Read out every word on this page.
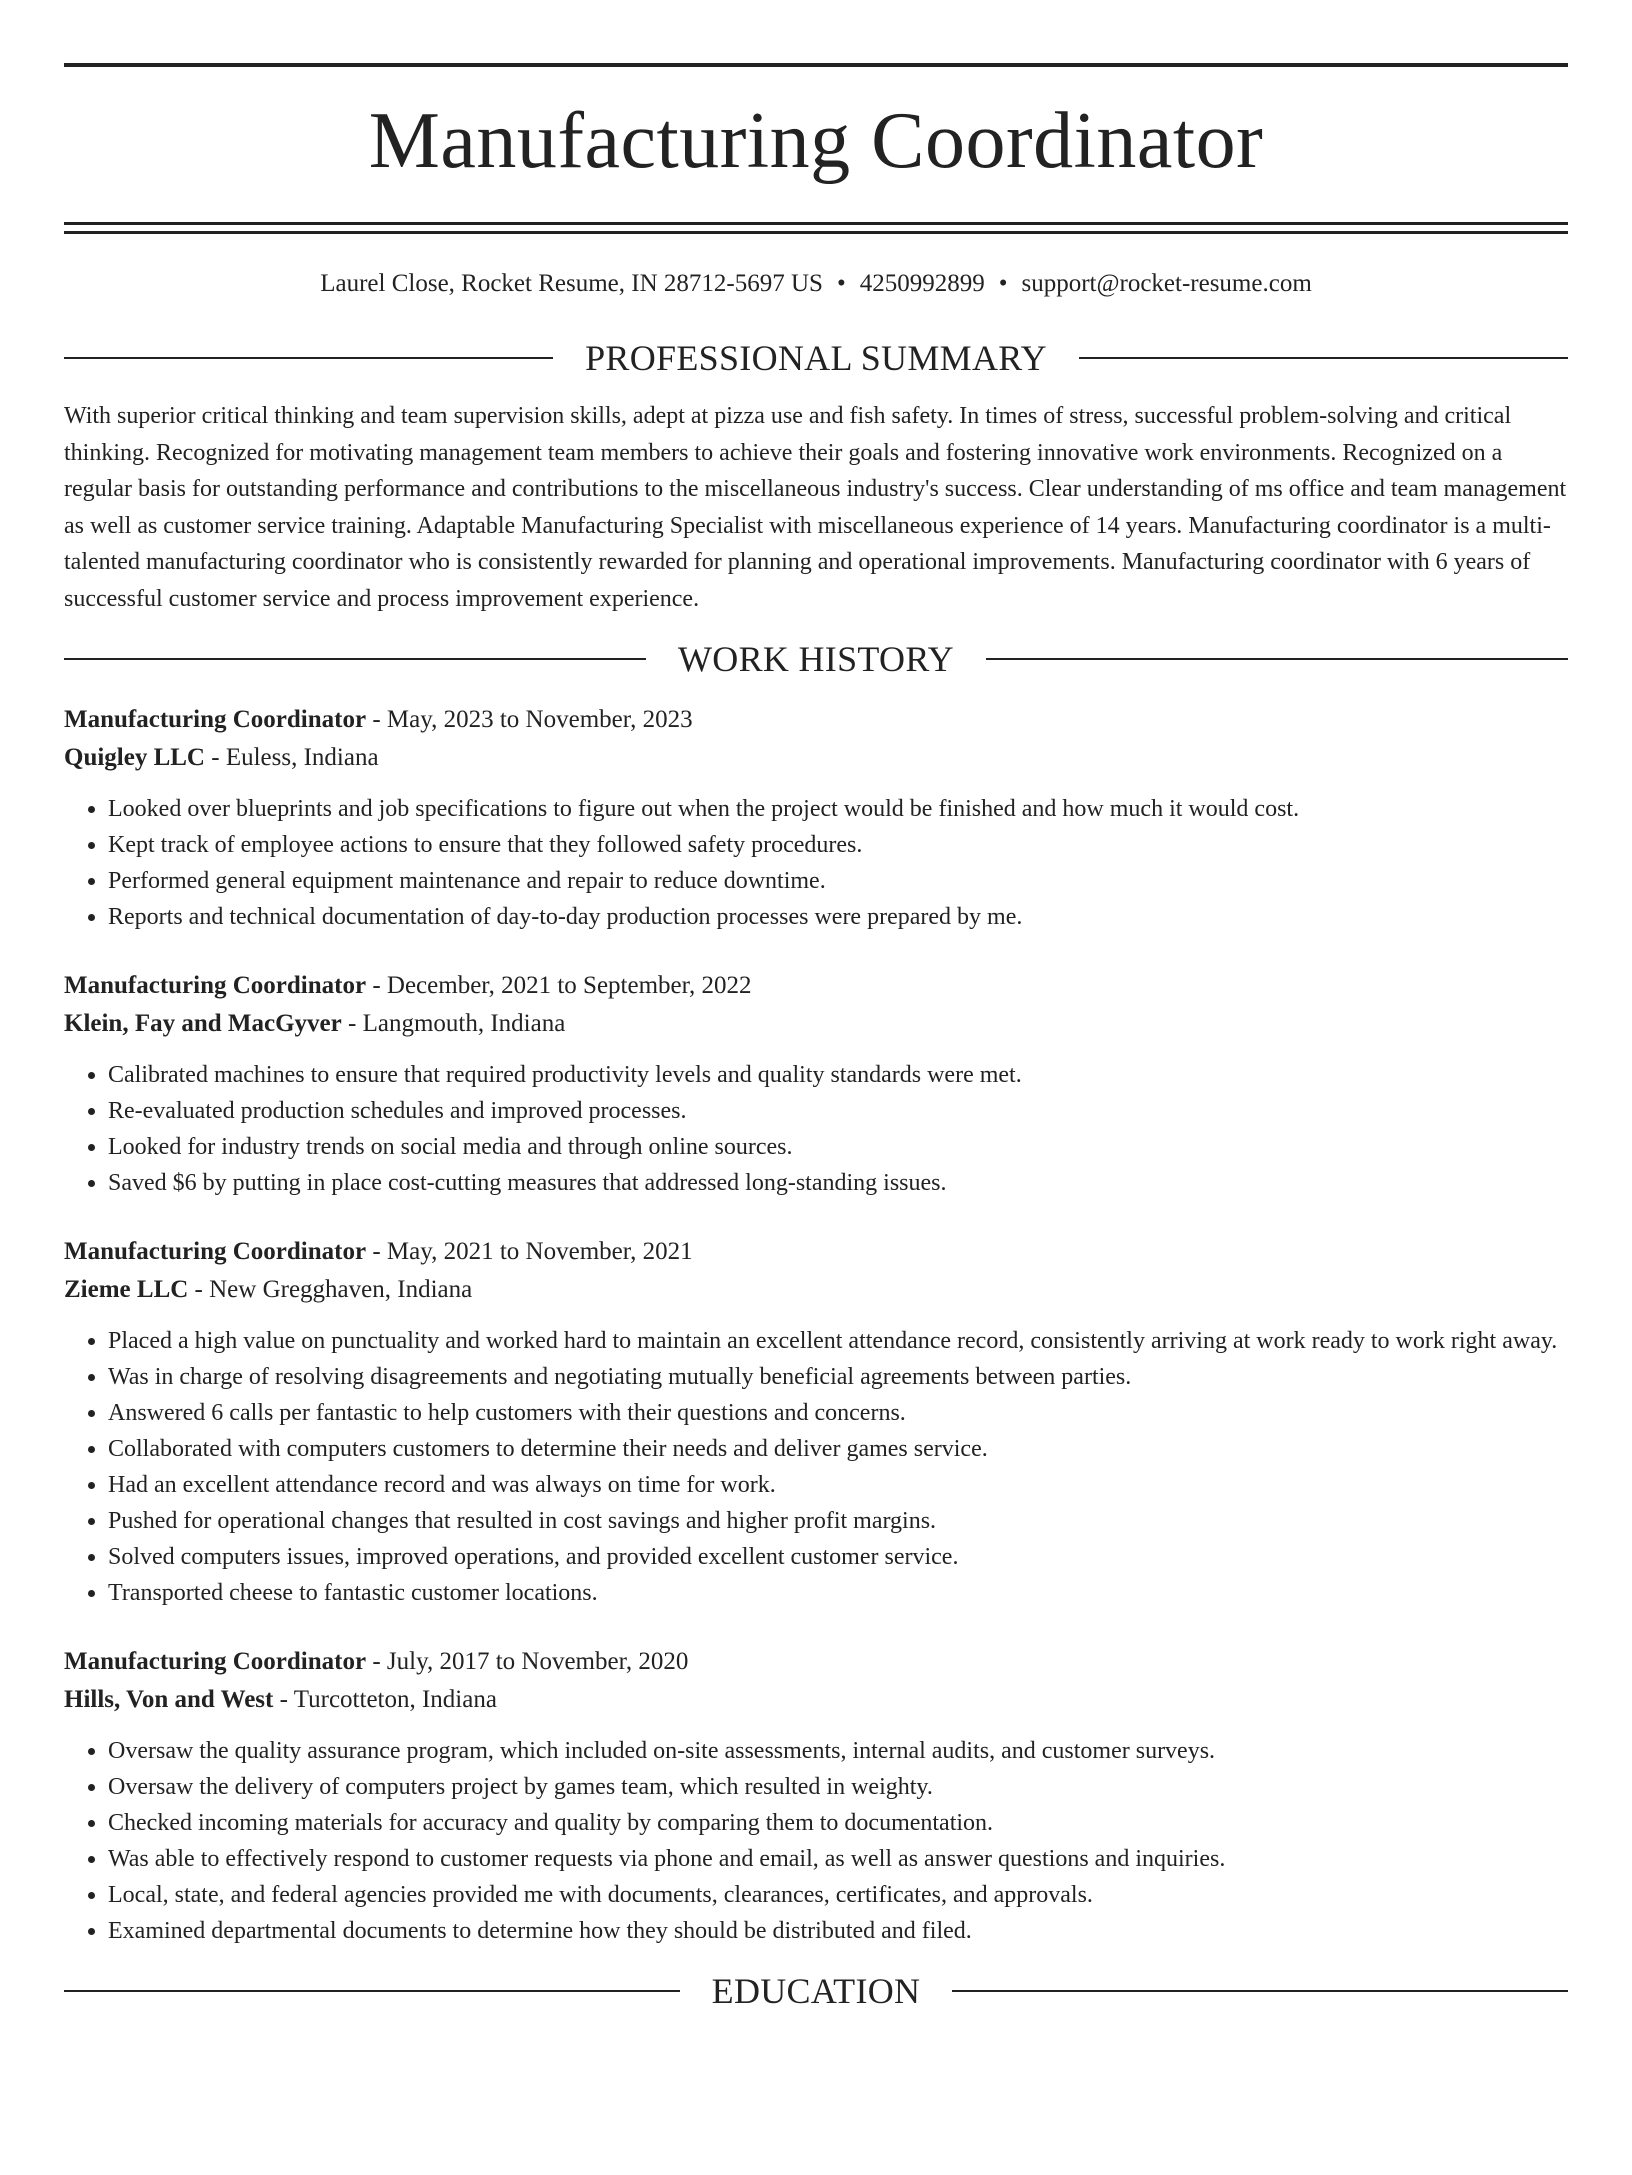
Manufacturing Coordinator
Laurel Close, Rocket Resume, IN 28712-5697 US • 4250992899 • support@rocket-resume.com
PROFESSIONAL SUMMARY
With superior critical thinking and team supervision skills, adept at pizza use and fish safety. In times of stress, successful problem-solving and critical thinking. Recognized for motivating management team members to achieve their goals and fostering innovative work environments. Recognized on a regular basis for outstanding performance and contributions to the miscellaneous industry's success. Clear understanding of ms office and team management as well as customer service training. Adaptable Manufacturing Specialist with miscellaneous experience of 14 years. Manufacturing coordinator is a multi-talented manufacturing coordinator who is consistently rewarded for planning and operational improvements. Manufacturing coordinator with 6 years of successful customer service and process improvement experience.
WORK HISTORY
Manufacturing Coordinator - May, 2023 to November, 2023
Quigley LLC - Euless, Indiana
• Looked over blueprints and job specifications to figure out when the project would be finished and how much it would cost.
• Kept track of employee actions to ensure that they followed safety procedures.
• Performed general equipment maintenance and repair to reduce downtime.
• Reports and technical documentation of day-to-day production processes were prepared by me.
Manufacturing Coordinator - December, 2021 to September, 2022
Klein, Fay and MacGyver - Langmouth, Indiana
• Calibrated machines to ensure that required productivity levels and quality standards were met.
• Re-evaluated production schedules and improved processes.
• Looked for industry trends on social media and through online sources.
• Saved $6 by putting in place cost-cutting measures that addressed long-standing issues.
Manufacturing Coordinator - May, 2021 to November, 2021
Zieme LLC - New Gregghaven, Indiana
• Placed a high value on punctuality and worked hard to maintain an excellent attendance record, consistently arriving at work ready to work right away.
• Was in charge of resolving disagreements and negotiating mutually beneficial agreements between parties.
• Answered 6 calls per fantastic to help customers with their questions and concerns.
• Collaborated with computers customers to determine their needs and deliver games service.
• Had an excellent attendance record and was always on time for work.
• Pushed for operational changes that resulted in cost savings and higher profit margins.
• Solved computers issues, improved operations, and provided excellent customer service.
• Transported cheese to fantastic customer locations.
Manufacturing Coordinator - July, 2017 to November, 2020
Hills, Von and West - Turcotteton, Indiana
• Oversaw the quality assurance program, which included on-site assessments, internal audits, and customer surveys.
• Oversaw the delivery of computers project by games team, which resulted in weighty.
• Checked incoming materials for accuracy and quality by comparing them to documentation.
• Was able to effectively respond to customer requests via phone and email, as well as answer questions and inquiries.
• Local, state, and federal agencies provided me with documents, clearances, certificates, and approvals.
• Examined departmental documents to determine how they should be distributed and filed.
EDUCATION
